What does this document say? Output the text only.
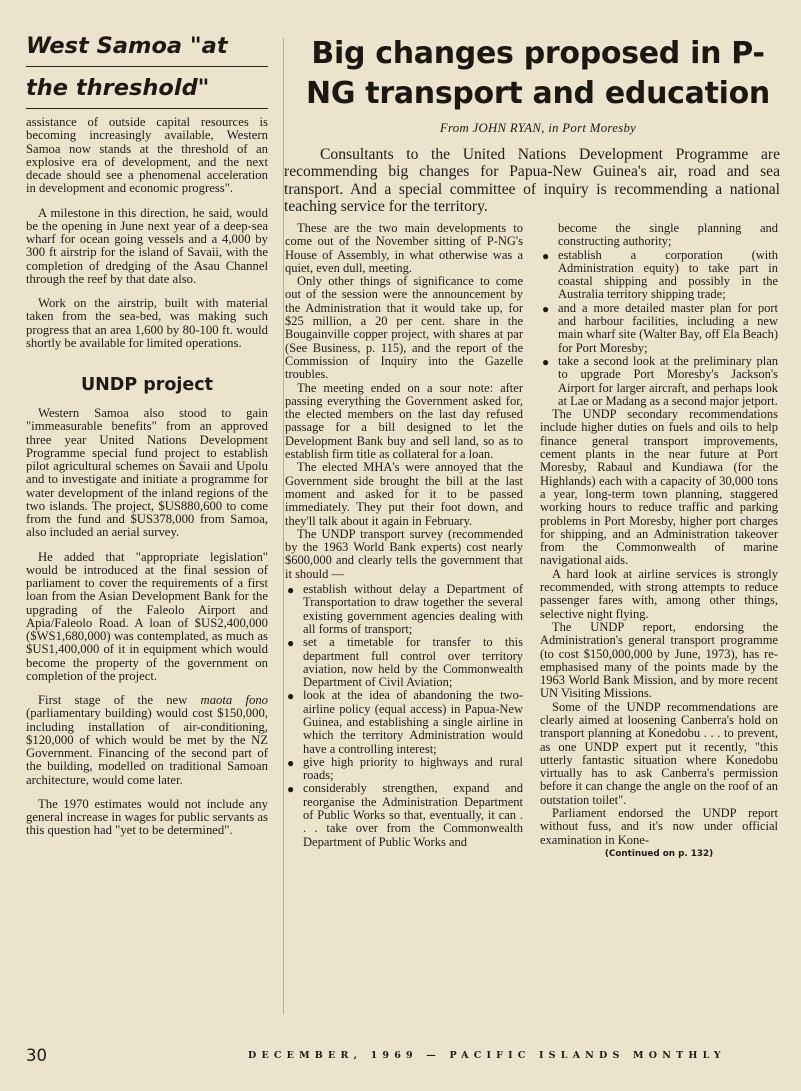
West Samoa "at
the threshold"

assistance of outside capital resources is becoming increasingly available, Western Samoa now stands at the threshold of an explosive era of development, and the next decade should see a phenomenal acceleration in development and economic progress".

A milestone in this direction, he said, would be the opening in June next year of a deep-sea wharf for ocean going vessels and a 4,000 by 300 ft airstrip for the island of Savaii, with the completion of dredging of the Asau Channel through the reef by that date also.

Work on the airstrip, built with material taken from the sea-bed, was making such progress that an area 1,600 by 80-100 ft. would shortly be available for limited operations.

UNDP project

Western Samoa also stood to gain "immeasurable benefits" from an approved three year United Nations Development Programme special fund project to establish pilot agricultural schemes on Savaii and Upolu and to investigate and initiate a programme for water development of the inland regions of the two islands. The project, $US880,600 to come from the fund and $US378,000 from Samoa, also included an aerial survey.

He added that "appropriate legislation" would be introduced at the final session of parliament to cover the requirements of a first loan from the Asian Development Bank for the upgrading of the Faleolo Airport and Apia/Faleolo Road. A loan of $US2,400,000 ($WS1,680,000) was contemplated, as much as $US1,400,000 of it in equipment which would become the property of the government on completion of the project.

First stage of the new maota fono (parliamentary building) would cost $150,000, including installation of air-conditioning, $120,000 of which would be met by the NZ Government. Financing of the second part of the building, modelled on traditional Samoan architecture, would come later.

The 1970 estimates would not include any general increase in wages for public servants as this question had "yet to be determined".

Big changes proposed in P-NG transport and education

From JOHN RYAN, in Port Moresby

Consultants to the United Nations Development Programme are recommending big changes for Papua-New Guinea's air, road and sea transport. And a special committee of inquiry is recommending a national teaching service for the territory.

These are the two main developments to come out of the November sitting of P-NG's House of Assembly, in what otherwise was a quiet, even dull, meeting.

Only other things of significance to come out of the session were the announcement by the Administration that it would take up, for $25 million, a 20 per cent. share in the Bougainville copper project, with shares at par (See Business, p. 115), and the report of the Commission of Inquiry into the Gazelle troubles.

The meeting ended on a sour note: after passing everything the Government asked for, the elected members on the last day refused passage for a bill designed to let the Development Bank buy and sell land, so as to establish firm title as collateral for a loan.

The elected MHA's were annoyed that the Government side brought the bill at the last moment and asked for it to be passed immediately. They put their foot down, and they'll talk about it again in February.

The UNDP transport survey (recommended by the 1963 World Bank experts) cost nearly $600,000 and clearly tells the government that it should —

● establish without delay a Department of Transportation to draw together the several existing government agencies dealing with all forms of transport;
● set a timetable for transfer to this department full control over territory aviation, now held by the Commonwealth Department of Civil Aviation;
● look at the idea of abandoning the two-airline policy (equal access) in Papua-New Guinea, and establishing a single airline in which the territory Administration would have a controlling interest;
● give high priority to highways and rural roads;
● considerably strengthen, expand and reorganise the Administration Department of Public Works so that, eventually, it can . . . take over from the Commonwealth Department of Public Works and

become the single planning and constructing authority;

● establish a corporation (with Administration equity) to take part in coastal shipping and possibly in the Australia territory shipping trade;
● and a more detailed master plan for port and harbour facilities, including a new main wharf site (Walter Bay, off Ela Beach) for Port Moresby;
● take a second look at the preliminary plan to upgrade Port Moresby's Jackson's Airport for larger aircraft, and perhaps look at Lae or Madang as a second major jetport.

The UNDP secondary recommendations include higher duties on fuels and oils to help finance general transport improvements, cement plants in the near future at Port Moresby, Rabaul and Kundiawa (for the Highlands) each with a capacity of 30,000 tons a year, long-term town planning, staggered working hours to reduce traffic and parking problems in Port Moresby, higher port charges for shipping, and an Administration takeover from the Commonwealth of marine navigational aids.

A hard look at airline services is strongly recommended, with strong attempts to reduce passenger fares with, among other things, selective night flying.

The UNDP report, endorsing the Administration's general transport programme (to cost $150,000,000 by June, 1973), has re-emphasised many of the points made by the 1963 World Bank Mission, and by more recent UN Visiting Missions.

Some of the UNDP recommendations are clearly aimed at loosening Canberra's hold on transport planning at Konedobu . . . to prevent, as one UNDP expert put it recently, "this utterly fantastic situation where Konedobu virtually has to ask Canberra's permission before it can change the angle on the roof of an outstation toilet".

Parliament endorsed the UNDP report without fuss, and it's now under official examination in Kone-

(Continued on p. 132)
30	DECEMBER, 1969 — PACIFIC ISLANDS MONTHLY
